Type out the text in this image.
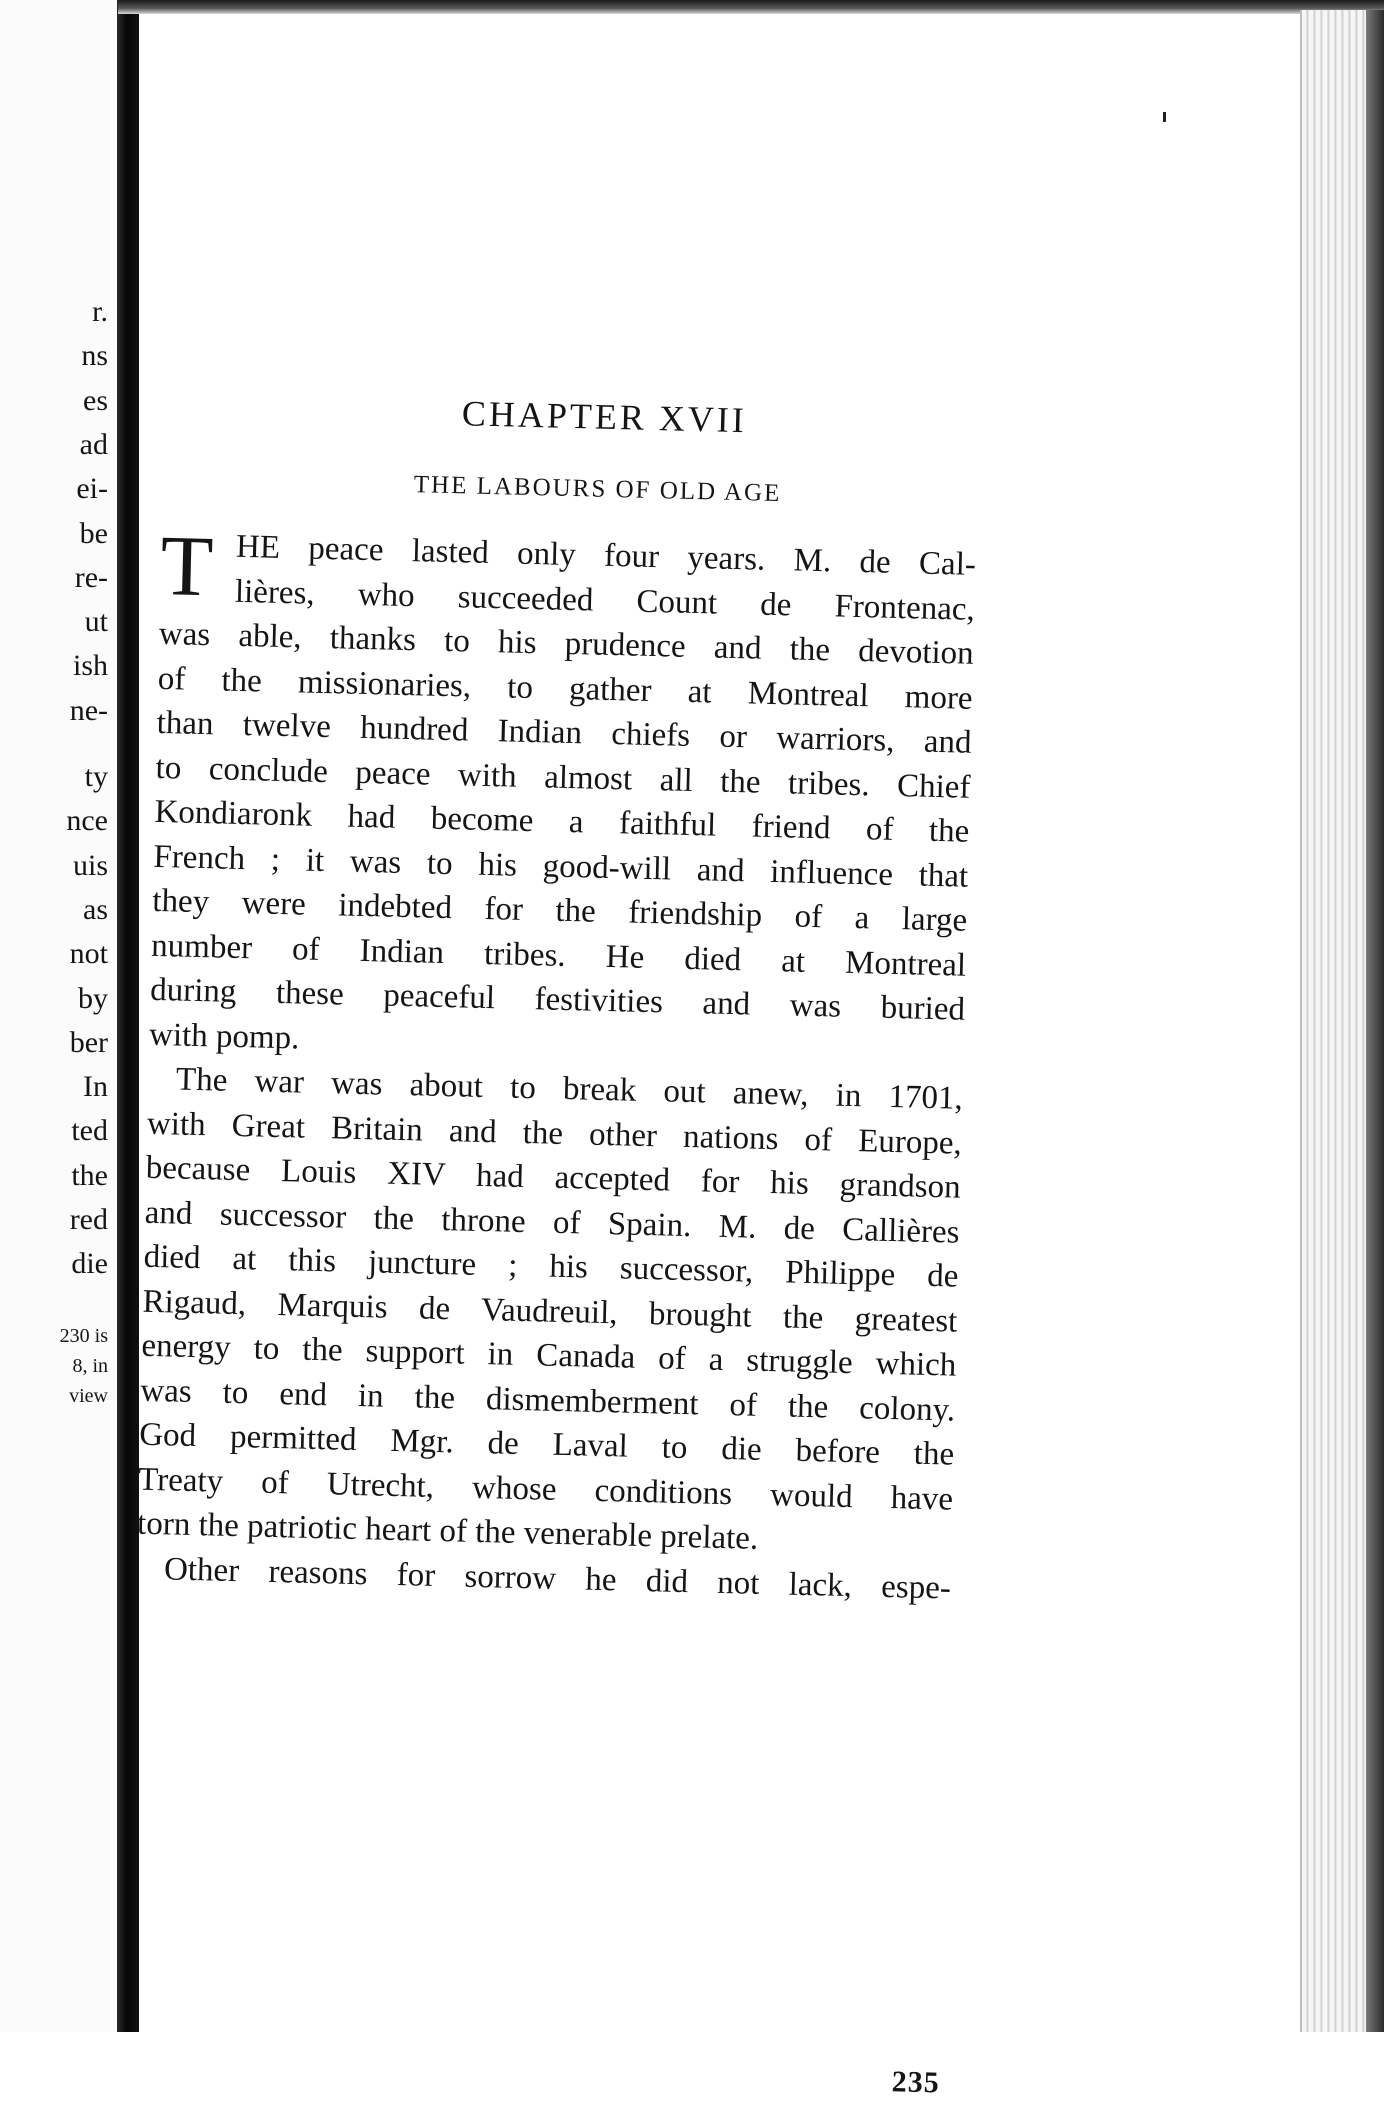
r.
ns
es
ad
ei-
be
re-
ut
ish
ne-
ty
nce
uis
as
not
by
ber
In
ted
the
red
die
230 is
8, in
view
CHAPTER XVII
THE LABOURS OF OLD AGE
T HE peace lasted only four years. M. de Cal-
lières, who succeeded Count de Frontenac,
was able, thanks to his prudence and the devotion
of the missionaries, to gather at Montreal more
than twelve hundred Indian chiefs or warriors, and
to conclude peace with almost all the tribes. Chief
Kondiaronk had become a faithful friend of the
French ; it was to his good-will and influence that
they were indebted for the friendship of a large
number of Indian tribes. He died at Montreal
during these peaceful festivities and was buried
with pomp.
The war was about to break out anew, in 1701,
with Great Britain and the other nations of Europe,
because Louis XIV had accepted for his grandson
and successor the throne of Spain. M. de Callières
died at this juncture ; his successor, Philippe de
Rigaud, Marquis de Vaudreuil, brought the greatest
energy to the support in Canada of a struggle which
was to end in the dismemberment of the colony.
God permitted Mgr. de Laval to die before the
Treaty of Utrecht, whose conditions would have
torn the patriotic heart of the venerable prelate.
Other reasons for sorrow he did not lack, espe-
235
